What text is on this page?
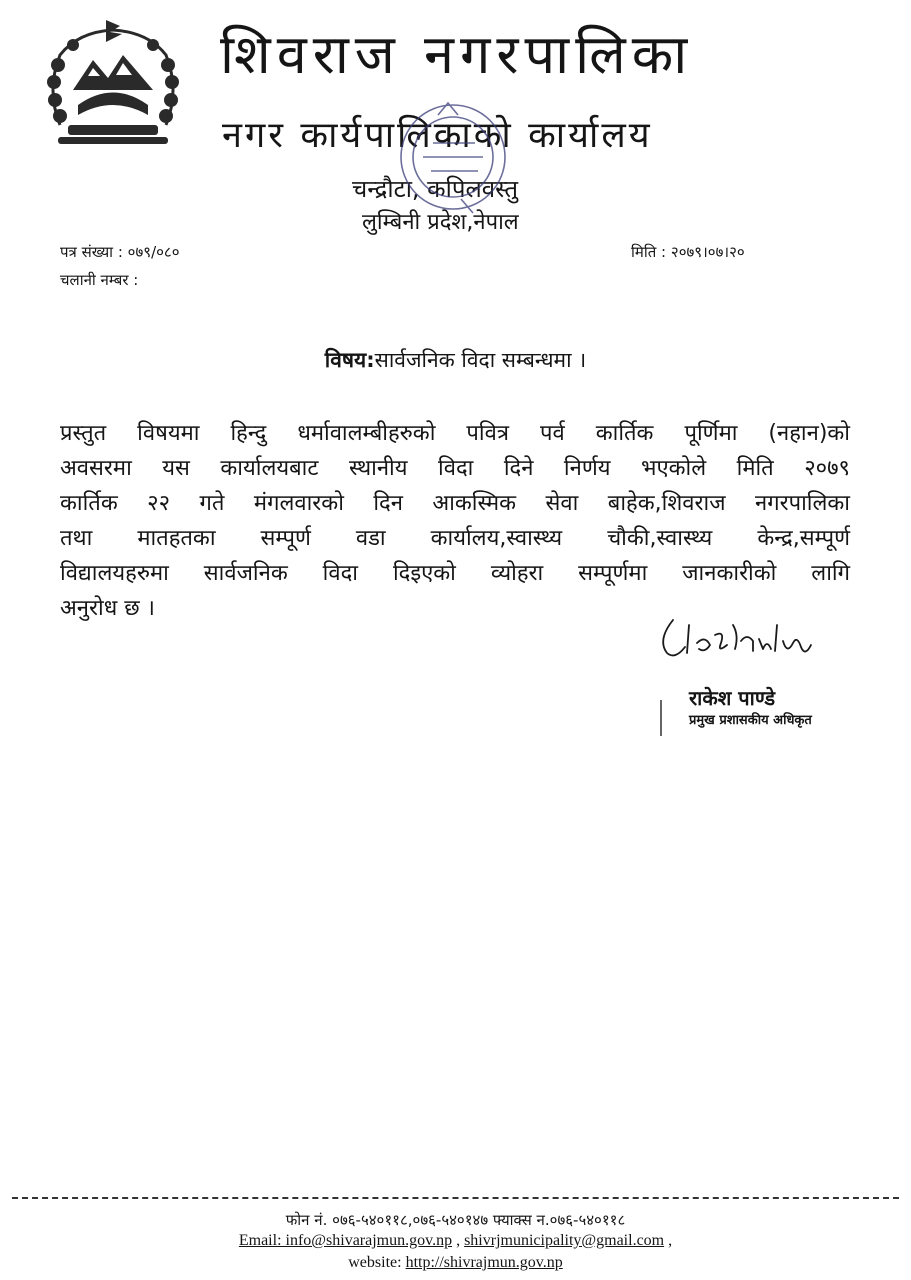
शिवराज नगरपालिका
नगर कार्यपालिकाको कार्यालय
चन्द्रौटा, कपिलवस्तु
लुम्बिनी प्रदेश,नेपाल
पत्र संख्या : ०७९/०८०
चलानी नम्बर :
मिति : २०७९।०७।२०
विषय:सार्वजनिक विदा सम्बन्धमा ।
प्रस्तुत विषयमा हिन्दु धर्मावालम्बीहरुको पवित्र पर्व कार्तिक पूर्णिमा (नहान)को
अवसरमा यस कार्यालयबाट स्थानीय विदा दिने निर्णय भएकोले मिति २०७९
कार्तिक २२ गते मंगलवारको दिन आकस्मिक सेवा बाहेक,शिवराज नगरपालिका
तथा मातहतका सम्पूर्ण वडा कार्यालय,स्वास्थ्य चौकी,स्वास्थ्य केन्द्र,सम्पूर्ण
विद्यालयहरुमा सार्वजनिक विदा दिइएको व्योहरा सम्पूर्णमा जानकारीको लागि
अनुरोध छ ।
राकेश पाण्डे
प्रमुख प्रशासकीय अधिकृत
फोन नं. ०७६-५४०११८,०७६-५४०१४७ फ्याक्स न.०७६-५४०११८
Email: info@shivarajmun.gov.np , shivrjmunicipality@gmail.com ,
website: http://shivrajmun.gov.np
